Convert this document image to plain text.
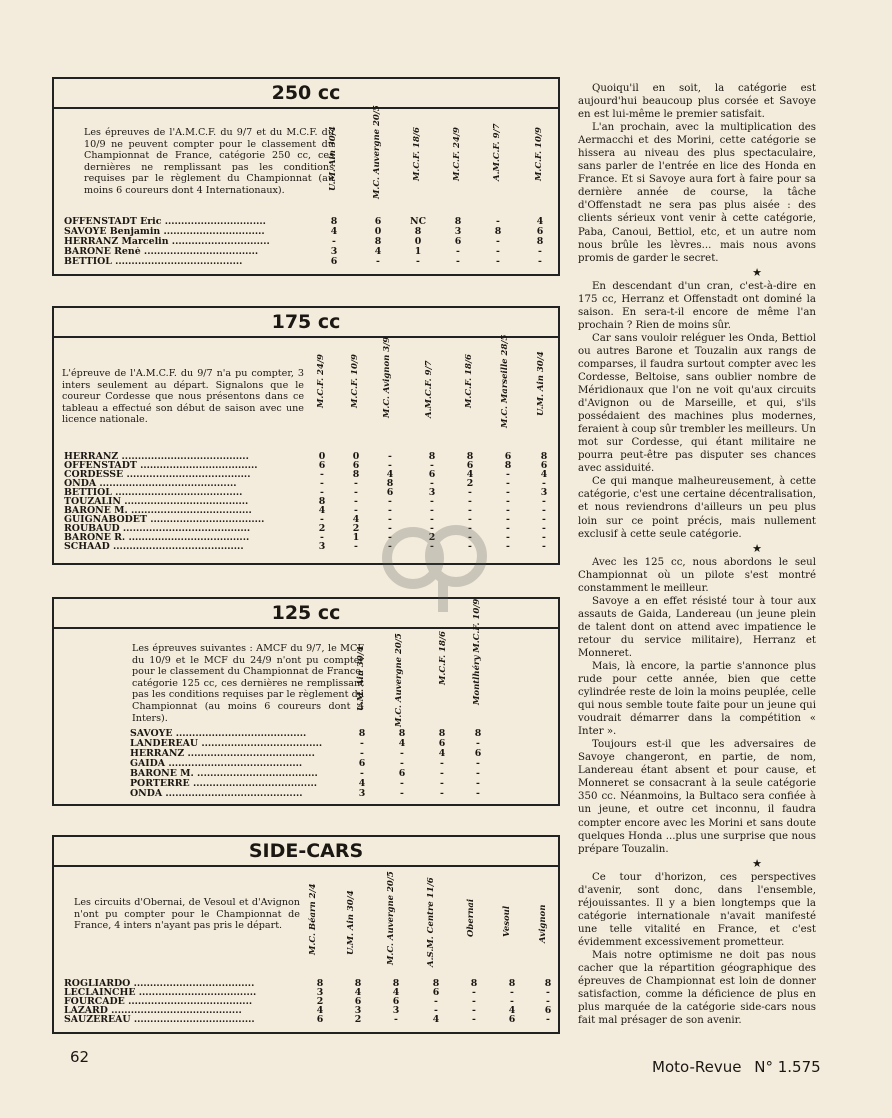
250 cc
Les épreuves de l'A.M.C.F. du 9/7 et du M.C.F. du 10/9 ne peuvent compter pour le classement du Championnat de France, catégorie 250 cc, ces dernières ne remplissant pas les conditions requises par le règlement du Championnat (au moins 6 coureurs dont 4 Internationaux).	U.M. Ain 30/4	M.C. Auvergne 20/5	M.C.F. 18/6	M.C.F. 24/9	A.M.C.F. 9/7	M.C.F. 10/9
OFFENSTADT Eric ...............................	8	6	NC	8	-	4
SAVOYE Benjamin ...............................	4	0	8	3	8	6
HERRANZ Marcelin ..............................	-	8	0	6	-	8
BARONE René ...................................	3	4	1	-	-	-
BETTIOL .......................................	6	-	-	-	-	-
175 cc
L'épreuve de l'A.M.C.F. du 9/7 n'a pu compter, 3 inters seulement au départ. Signalons que le coureur Cordesse que nous présentons dans ce tableau a effectué son début de saison avec une licence nationale.
M.C.F. 24/9	M.C.F. 10/9	M.C. Avignon 3/9	A.M.C.F. 9/7	M.C.F. 18/6	M.C. Marseille 28/5	U.M. Ain 30/4
HERRANZ .......................................	0	0	-	8	8	6	8
OFFENSTADT ....................................	6	6	-	-	6	8	6
CORDESSE ......................................	-	8	4	6	4	-	4
ONDA ..........................................	-	-	8	-	2	-	-
BETTIOL .......................................	-	-	6	3	-	-	3
TOUZALIN ......................................	8	-	-	-	-	-	-
BARONE M. .....................................	4	-	-	-	-	-	-
GUIGNABODET ...................................	-	4	-	-	-	-	-
ROUBAUD .......................................	2	2	-	-	-	-	-
BARONE R. .....................................	-	1	-	2	-	-	-
SCHAAD ........................................	3	-	-	-	-	-	-
125 cc
Les épreuves suivantes : AMCF du 9/7, le MCF du 10/9 et le MCF du 24/9 n'ont pu compter pour le classement du Championnat de France, catégorie 125 cc, ces dernières ne remplissant pas les conditions requises par le règlement du Championnat (au moins 6 coureurs dont 4 Inters).
U.M. Ain 30/4	M.C. Auvergne 20/5	M.C.F. 18/6	Montlhéry M.C.F. 10/9
SAVOYE ........................................	8	8	8	8
LANDEREAU .....................................	-	4	6	-
HERRANZ .......................................	-	-	4	6
GAIDA .........................................	6	-	-	-
BARONE M. .....................................	-	6	-	-
PORTERRE ......................................	4	-	-	-
ONDA ..........................................	3	-	-	-
SIDE-CARS
Les circuits d'Obernai, de Vesoul et d'Avignon n'ont pu compter pour le Championnat de France, 4 inters n'ayant pas pris le départ.	M.C. Béarn 2/4	U.M. Ain 30/4	M.C. Auvergne 20/5	A.S.M. Centre 11/6	Obernai	Vesoul	Avignon
ROGLIARDO .....................................	8	8	8	8	8	8	8
LECLAINCHE ....................................	3	4	4	6	-	-	-
FOURCADE ......................................	2	6	6	-	-	-	-
LAZARD ........................................	4	3	3	-	-	4	6
SAUZEREAU .....................................	6	2	-	4	-	6	-

Quoiqu'il en soit, la catégorie est aujourd'hui beaucoup plus corsée et Savoye en est lui-même le premier satisfait.

L'an prochain, avec la multiplication des Aermacchi et des Morini, cette catégorie se hissera au niveau des plus spectaculaire, sans parler de l'entrée en lice des Honda en France. Et si Savoye aura fort à faire pour sa dernière année de course, la tâche d'Offenstadt ne sera pas plus aisée : des clients sérieux vont venir à cette catégorie, Paba, Canoui, Bettiol, etc, et un autre nom nous brûle les lèvres... mais nous avons promis de garder le secret.

★

En descendant d'un cran, c'est-à-dire en 175 cc, Herranz et Offenstadt ont dominé la saison. En sera-t-il encore de même l'an prochain ? Rien de moins sûr.

Car sans vouloir reléguer les Onda, Bettiol ou autres Barone et Touzalin aux rangs de comparses, il faudra surtout compter avec les Cordesse, Beltoise, sans oublier nombre de Méridionaux que l'on ne voit qu'aux circuits d'Avignon ou de Marseille, et qui, s'ils possédaient des machines plus modernes, feraient à coup sûr trembler les meilleurs. Un mot sur Cordesse, qui étant militaire ne pourra peut-être pas disputer ses chances avec assiduité.

Ce qui manque malheureusement, à cette catégorie, c'est une certaine décentralisation, et nous reviendrons d'ailleurs un peu plus loin sur ce point précis, mais nullement exclusif à cette seule catégorie.

★

Avec les 125 cc, nous abordons le seul Championnat où un pilote s'est montré constamment le meilleur.

Savoye a en effet résisté tour à tour aux assauts de Gaida, Landereau (un jeune plein de talent dont on attend avec impatience le retour du service militaire), Herranz et Monneret.

Mais, là encore, la partie s'annonce plus rude pour cette année, bien que cette cylindrée reste de loin la moins peuplée, celle qui nous semble toute faite pour un jeune qui voudrait démarrer dans la compétition « Inter ».

Toujours est-il que les adversaires de Savoye changeront, en partie, de nom, Landereau étant absent et pour cause, et Monneret se consacrant à la seule catégorie 350 cc. Néanmoins, la Bultaco sera confiée à un jeune, et outre cet inconnu, il faudra compter encore avec les Morini et sans doute quelques Honda ...plus une surprise que nous prépare Touzalin.

★

Ce tour d'horizon, ces perspectives d'avenir, sont donc, dans l'ensemble, réjouissantes. Il y a bien longtemps que la catégorie internationale n'avait manifesté une telle vitalité en France, et c'est évidemment excessivement prometteur.

Mais notre optimisme ne doit pas nous cacher que la répartition géographique des épreuves de Championnat est loin de donner satisfaction, comme la déficience de plus en plus marquée de la catégorie side-cars nous fait mal présager de son avenir.

62
Moto-Revue N° 1.575
